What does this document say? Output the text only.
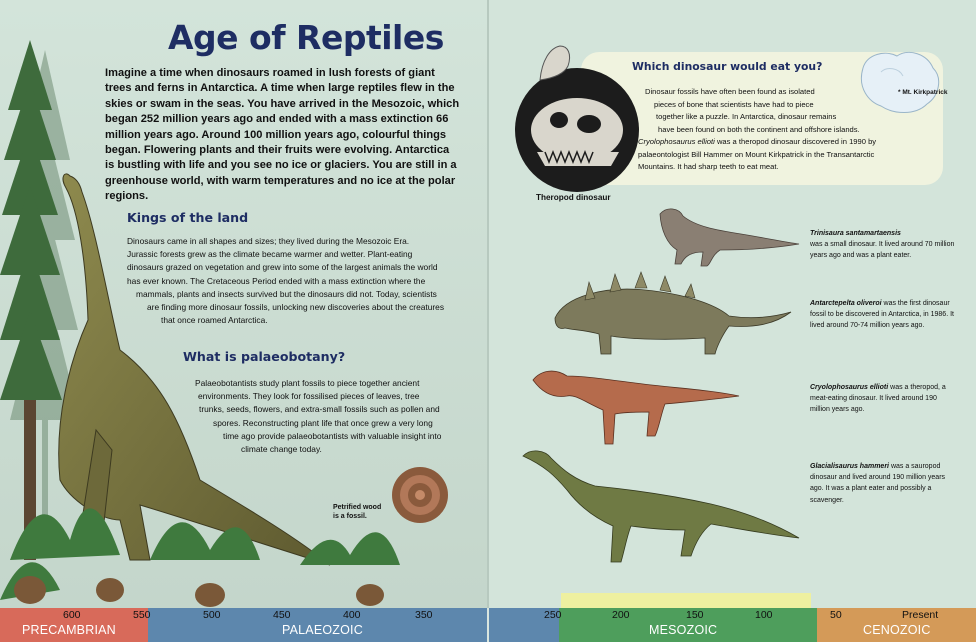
Age of Reptiles
Imagine a time when dinosaurs roamed in lush forests of giant trees and ferns in Antarctica. A time when large reptiles flew in the skies or swam in the seas. You have arrived in the Mesozoic, which began 252 million years ago and ended with a mass extinction 66 million years ago. Around 100 million years ago, colourful things began. Flowering plants and their fruits were evolving. Antarctica is bustling with life and you see no ice or glaciers. You are still in a greenhouse world, with warm temperatures and no ice at the polar regions.
Kings of the land
Dinosaurs came in all shapes and sizes; they lived during the Mesozoic Era.
Jurassic forests grew as the climate became warmer and wetter. Plant-eating
dinosaurs grazed on vegetation and grew into some of the largest animals the world
has ever known. The Cretaceous Period ended with a mass extinction where the
mammals, plants and insects survived but the dinosaurs did not. Today, scientists
are finding more dinosaur fossils, unlocking new discoveries about the creatures
that once roamed Antarctica.
What is palaeobotany?
Palaeobotantists study plant fossils to piece together ancient
environments. They look for fossilised pieces of leaves, tree
trunks, seeds, flowers, and extra-small fossils such as pollen and
spores. Reconstructing plant life that once grew a very long
time ago provide palaeobotantists with valuable insight into
climate change today.
Petrified wood
is a fossil.
Which dinosaur would eat you?
Dinosaur fossils have often been found as isolated
pieces of bone that scientists have had to piece
together like a puzzle. In Antarctica, dinosaur remains
have been found on both the continent and offshore islands.
Cryolophosaurus ellioti was a theropod dinosaur discovered in 1990 by
palaeontologist Bill Hammer on Mount Kirkpatrick in the Transantarctic
Mountains. It had sharp teeth to eat meat.
* Mt. Kirkpatrick
Theropod dinosaur
Trinisaura santamartaensis
was a small dinosaur. It lived around 70 million years ago and was a plant eater.
Antarctepelta oliveroi was the first dinosaur fossil to be discovered in Antarctica, in 1986. It lived around 70-74 million years ago.
Cryolophosaurus ellioti was a theropod, a meat-eating dinosaur. It lived around 190 million years ago.
Glacialisaurus hammeri was a sauropod dinosaur and lived around 190 million years ago. It was a plant eater and possibly a scavenger.
PRECAMBRIAN	PALAEOZOIC	MESOZOIC	CENOZOIC
600	550	500	450	400	350	250	200	150	100	50	Present
